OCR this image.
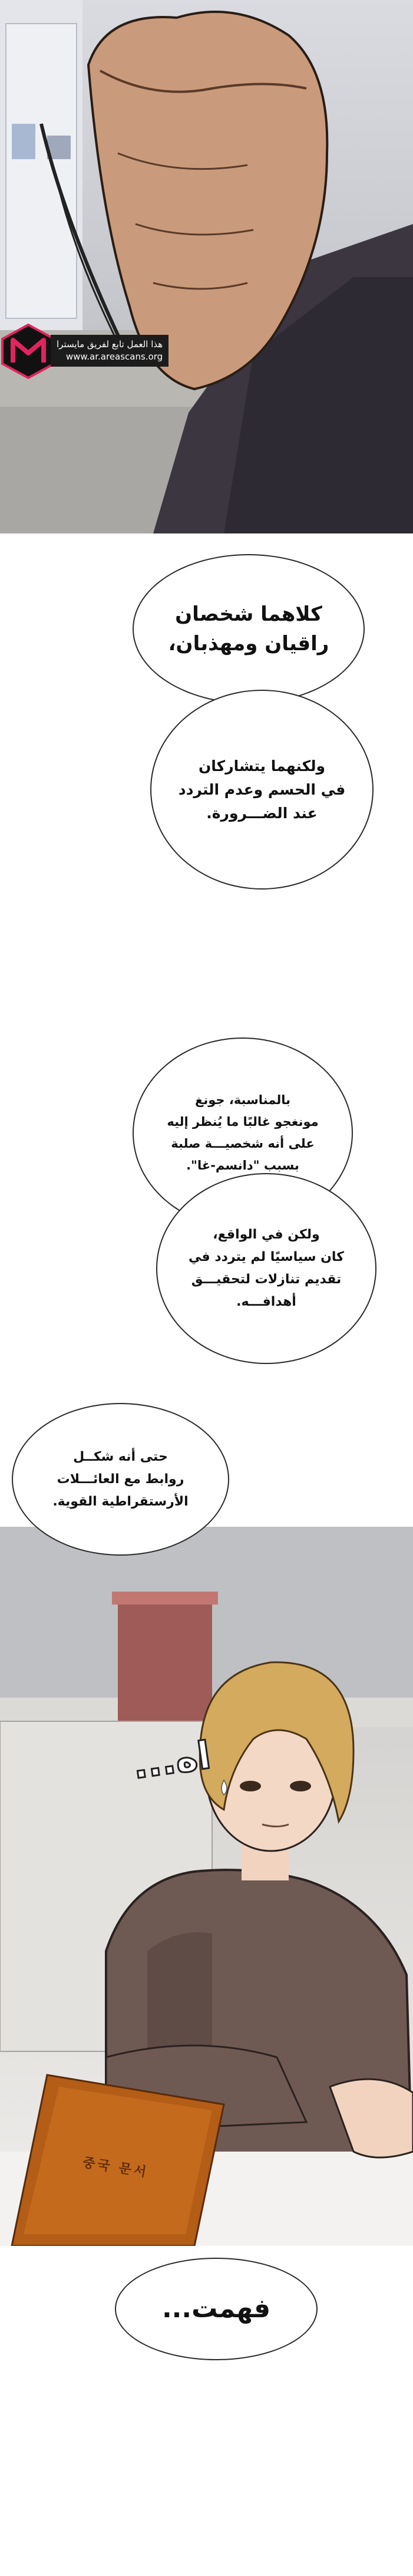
هذا العمل تابع لفريق مايسترا
www.ar.areascans.org
كلاهما شخصان
راقيان ومهذبان،
ولكنهما يتشاركان
في الحسم وعدم التردد
عند الضـــرورة.
بالمناسبة، جونغ
مونغجو غالبًا ما يُنظر إليه
على أنه شخصيـــة صلبة
بسبب "دانسم-غا".
ولكن في الواقع،
كان سياسيًا لم يتردد في
تقديم تنازلات لتحقيـــق
أهدافـــه.
중국 문서
اه...
حتى أنه شكــل
روابط مع العائـــلات
الأرستقراطية القوية.
فهمت...
